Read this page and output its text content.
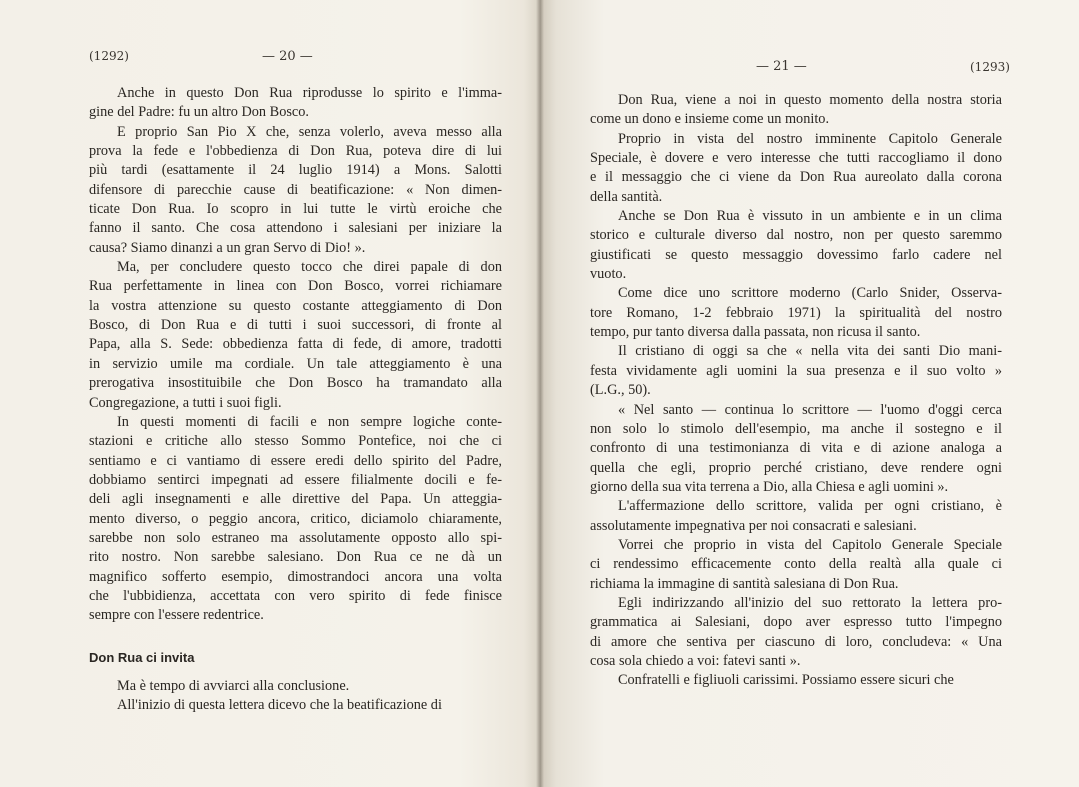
(1292)	— 20 —
Anche in questo Don Rua riprodusse lo spirito e l'imma-
gine del Padre: fu un altro Don Bosco.
E proprio San Pio X che, senza volerlo, aveva messo alla
prova la fede e l'obbedienza di Don Rua, poteva dire di lui
più tardi (esattamente il 24 luglio 1914) a Mons. Salotti
difensore di parecchie cause di beatificazione: « Non dimen-
ticate Don Rua. Io scopro in lui tutte le virtù eroiche che
fanno il santo. Che cosa attendono i salesiani per iniziare la
causa? Siamo dinanzi a un gran Servo di Dio! ».
Ma, per concludere questo tocco che direi papale di don
Rua perfettamente in linea con Don Bosco, vorrei richiamare
la vostra attenzione su questo costante atteggiamento di Don
Bosco, di Don Rua e di tutti i suoi successori, di fronte al
Papa, alla S. Sede: obbedienza fatta di fede, di amore, tradotti
in servizio umile ma cordiale. Un tale atteggiamento è una
prerogativa insostituibile che Don Bosco ha tramandato alla
Congregazione, a tutti i suoi figli.
In questi momenti di facili e non sempre logiche conte-
stazioni e critiche allo stesso Sommo Pontefice, noi che ci
sentiamo e ci vantiamo di essere eredi dello spirito del Padre,
dobbiamo sentirci impegnati ad essere filialmente docili e fe-
deli agli insegnamenti e alle direttive del Papa. Un atteggia-
mento diverso, o peggio ancora, critico, diciamolo chiaramente,
sarebbe non solo estraneo ma assolutamente opposto allo spi-
rito nostro. Non sarebbe salesiano. Don Rua ce ne dà un
magnifico sofferto esempio, dimostrandoci ancora una volta
che l'ubbidienza, accettata con vero spirito di fede finisce
sempre con l'essere redentrice.
Don Rua ci invita
Ma è tempo di avviarci alla conclusione.
All'inizio di questa lettera dicevo che la beatificazione di
— 21 —	(1293)
Don Rua, viene a noi in questo momento della nostra storia
come un dono e insieme come un monito.
Proprio in vista del nostro imminente Capitolo Generale
Speciale, è dovere e vero interesse che tutti raccogliamo il dono
e il messaggio che ci viene da Don Rua aureolato dalla corona
della santità.
Anche se Don Rua è vissuto in un ambiente e in un clima
storico e culturale diverso dal nostro, non per questo saremmo
giustificati se questo messaggio dovessimo farlo cadere nel
vuoto.
Come dice uno scrittore moderno (Carlo Snider, Osserva-
tore Romano, 1-2 febbraio 1971) la spiritualità del nostro
tempo, pur tanto diversa dalla passata, non ricusa il santo.
Il cristiano di oggi sa che « nella vita dei santi Dio mani-
festa vividamente agli uomini la sua presenza e il suo volto »
(L.G., 50).
« Nel santo — continua lo scrittore — l'uomo d'oggi cerca
non solo lo stimolo dell'esempio, ma anche il sostegno e il
confronto di una testimonianza di vita e di azione analoga a
quella che egli, proprio perché cristiano, deve rendere ogni
giorno della sua vita terrena a Dio, alla Chiesa e agli uomini ».
L'affermazione dello scrittore, valida per ogni cristiano, è
assolutamente impegnativa per noi consacrati e salesiani.
Vorrei che proprio in vista del Capitolo Generale Speciale
ci rendessimo efficacemente conto della realtà alla quale ci
richiama la immagine di santità salesiana di Don Rua.
Egli indirizzando all'inizio del suo rettorato la lettera pro-
grammatica ai Salesiani, dopo aver espresso tutto l'impegno
di amore che sentiva per ciascuno di loro, concludeva: « Una
cosa sola chiedo a voi: fatevi santi ».
Confratelli e figliuoli carissimi. Possiamo essere sicuri che
